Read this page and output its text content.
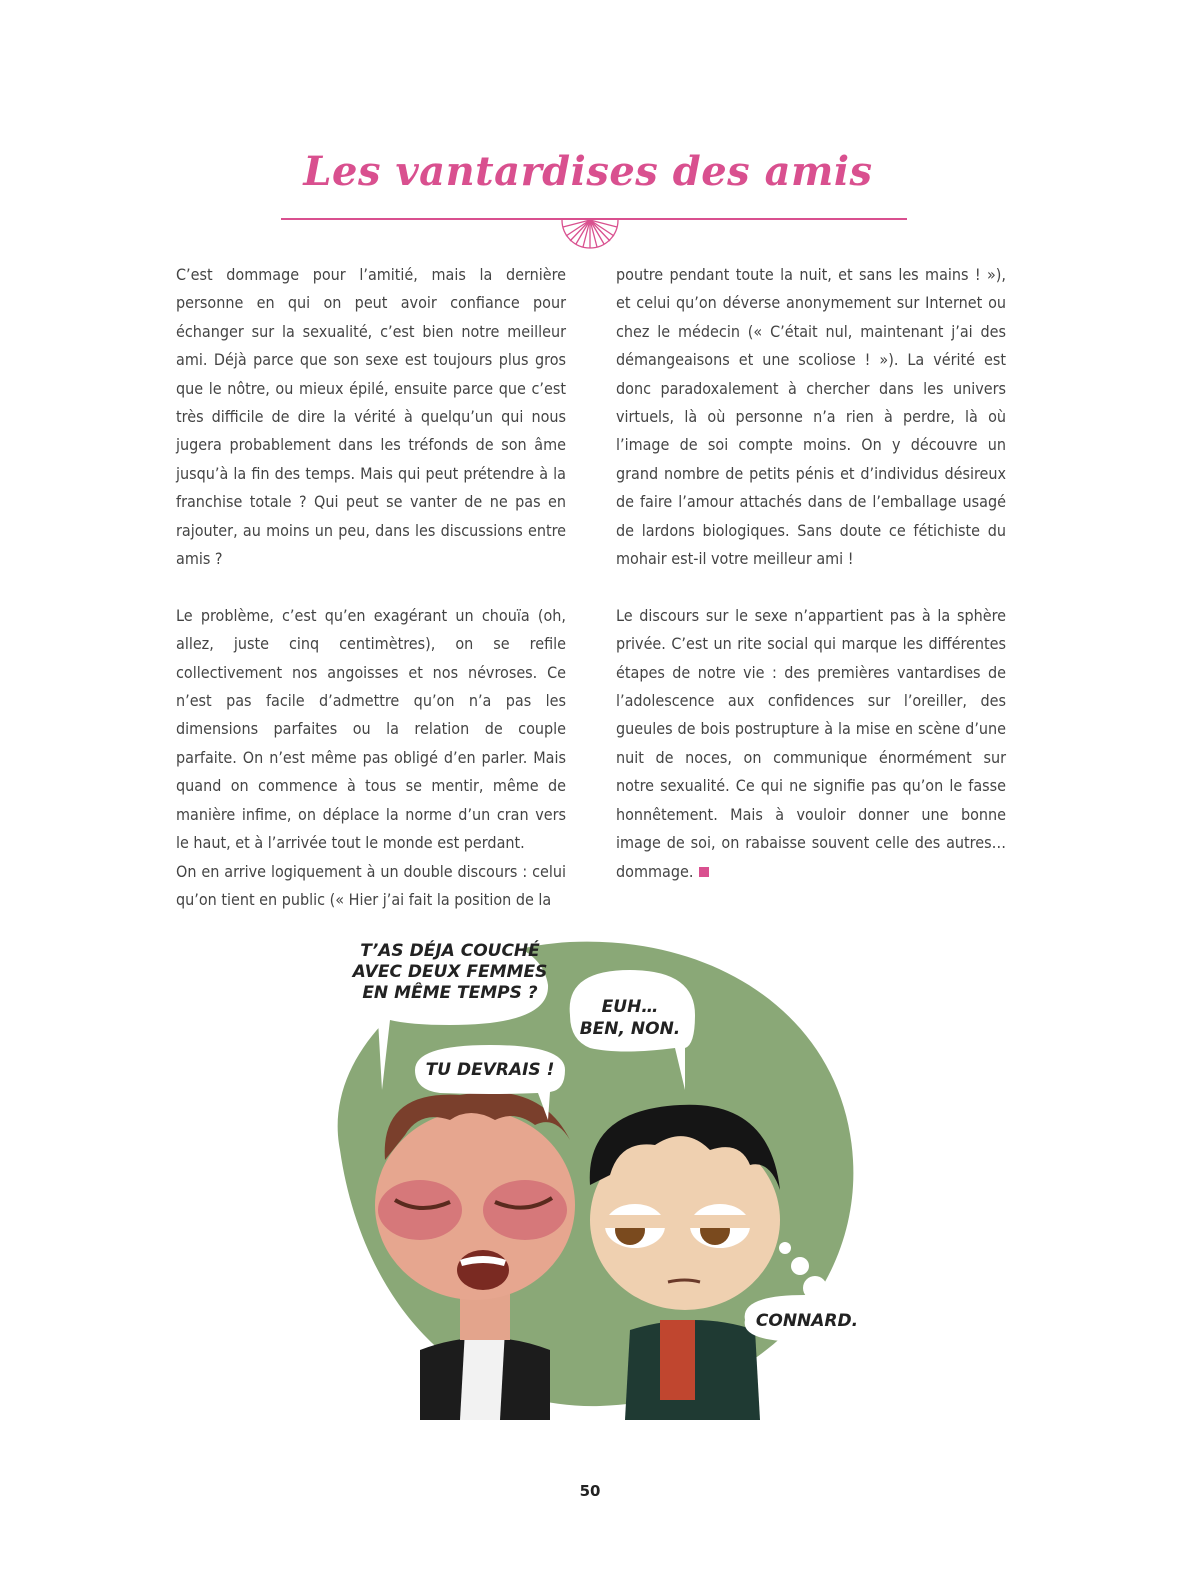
Les vantardises des amis

C’est dommage pour l’amitié, mais la dernière personne en qui on peut avoir confiance pour échanger sur la sexualité, c’est bien notre meilleur ami. Déjà parce que son sexe est toujours plus gros que le nôtre, ou mieux épilé, ensuite parce que c’est très difficile de dire la vérité à quelqu’un qui nous jugera probablement dans les tréfonds de son âme jusqu’à la fin des temps. Mais qui peut prétendre à la franchise totale ? Qui peut se vanter de ne pas en rajouter, au moins un peu, dans les discussions entre amis ?

Le problème, c’est qu’en exagérant un chouïa (oh, allez, juste cinq centimètres), on se refile collectivement nos angoisses et nos névroses. Ce n’est pas facile d’admettre qu’on n’a pas les dimensions parfaites ou la relation de couple parfaite. On n’est même pas obligé d’en parler. Mais quand on commence à tous se mentir, même de manière infime, on déplace la norme d’un cran vers le haut, et à l’arrivée tout le monde est perdant.

On en arrive logiquement à un double discours : celui qu’on tient en public (« Hier j’ai fait la position de la

poutre pendant toute la nuit, et sans les mains ! »), et celui qu’on déverse anonymement sur Internet ou chez le médecin (« C’était nul, maintenant j’ai des démangeaisons et une scoliose ! »). La vérité est donc paradoxalement à chercher dans les univers virtuels, là où personne n’a rien à perdre, là où l’image de soi compte moins. On y découvre un grand nombre de petits pénis et d’individus désireux de faire l’amour attachés dans de l’emballage usagé de lardons biologiques. Sans doute ce fétichiste du mohair est-il votre meilleur ami !

Le discours sur le sexe n’appartient pas à la sphère privée. C’est un rite social qui marque les différentes étapes de notre vie : des premières vantardises de l’adolescence aux confidences sur l’oreiller, des gueules de bois postrupture à la mise en scène d’une nuit de noces, on communique énormément sur notre sexualité. Ce qui ne signifie pas qu’on le fasse honnêtement. Mais à vouloir donner une bonne image de soi, on rabaisse souvent celle des autres… dommage.

T’AS DÉJA COUCHÉ
AVEC DEUX FEMMES
EN MÊME TEMPS ?
TU DEVRAIS !
EUH…
BEN, NON.
CONNARD.
50
